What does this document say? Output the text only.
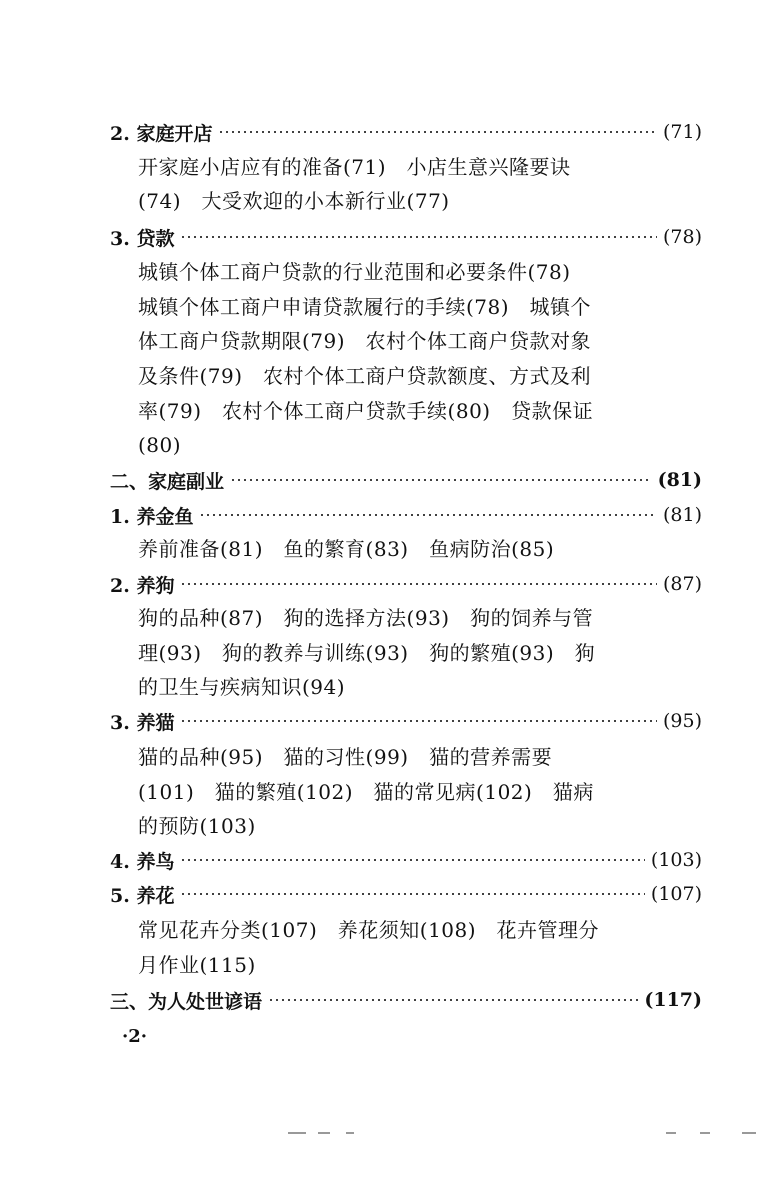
2. 家庭开店	(71)
开家庭小店应有的准备(71)　小店生意兴隆要诀
(74)　大受欢迎的小本新行业(77)
3. 贷款	(78)
城镇个体工商户贷款的行业范围和必要条件(78)
城镇个体工商户申请贷款履行的手续(78)　城镇个
体工商户贷款期限(79)　农村个体工商户贷款对象
及条件(79)　农村个体工商户贷款额度、方式及利
率(79)　农村个体工商户贷款手续(80)　贷款保证
(80)
二、家庭副业	(81)
1. 养金鱼	(81)
养前准备(81)　鱼的繁育(83)　鱼病防治(85)
2. 养狗	(87)
狗的品种(87)　狗的选择方法(93)　狗的饲养与管
理(93)　狗的教养与训练(93)　狗的繁殖(93)　狗
的卫生与疾病知识(94)
3. 养猫	(95)
猫的品种(95)　猫的习性(99)　猫的营养需要
(101)　猫的繁殖(102)　猫的常见病(102)　猫病
的预防(103)
4. 养鸟	(103)
5. 养花	(107)
常见花卉分类(107)　养花须知(108)　花卉管理分
月作业(115)
三、为人处世谚语	(117)
·2·
